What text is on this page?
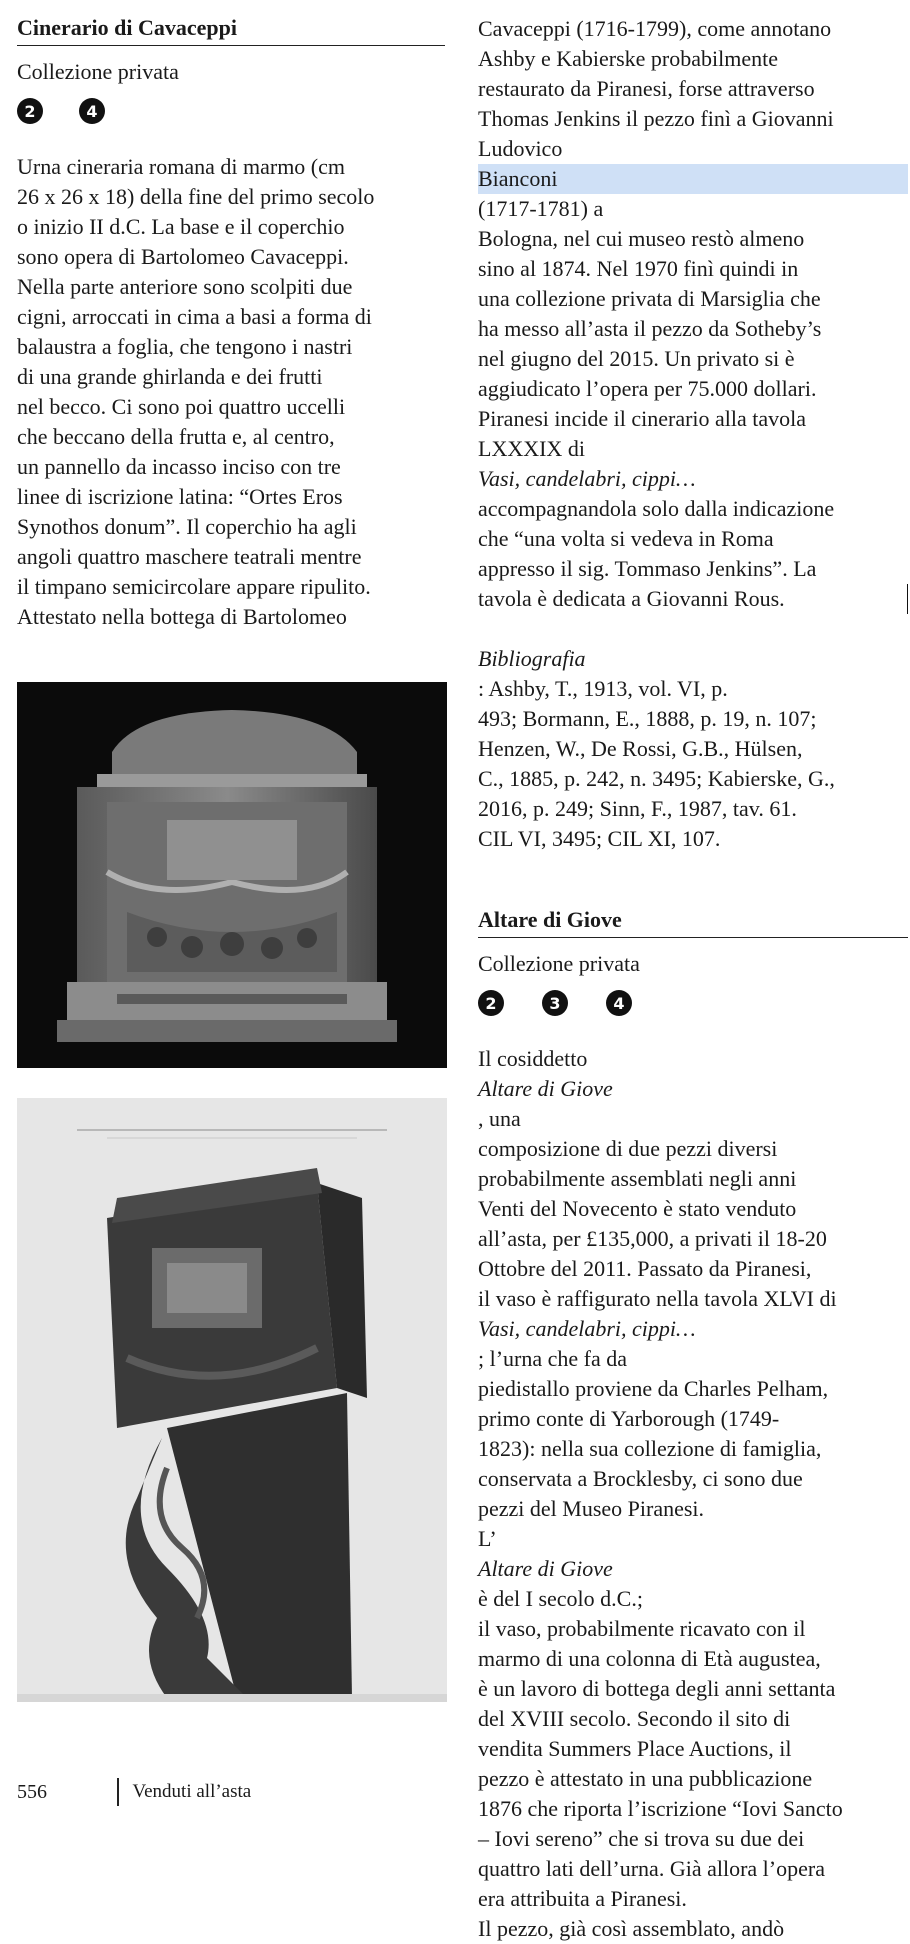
Cinerario di Cavaceppi
Collezione privata
2	4
Urna cineraria romana di marmo (cm
26 x 26 x 18) della fine del primo secolo
o inizio II d.C. La base e il coperchio
sono opera di Bartolomeo Cavaceppi.
Nella parte anteriore sono scolpiti due
cigni, arroccati in cima a basi a forma di
balaustra a foglia, che tengono i nastri
di una grande ghirlanda e dei frutti
nel becco. Ci sono poi quattro uccelli
che beccano della frutta e, al centro,
un pannello da incasso inciso con tre
linee di iscrizione latina: “Ortes Eros
Synothos donum”. Il coperchio ha agli
angoli quattro maschere teatrali mentre
il timpano semicircolare appare ripulito.
Attestato nella bottega di Bartolomeo
Cavaceppi (1716-1799), come annotano
Ashby e Kabierske probabilmente
restaurato da Piranesi, forse attraverso
Thomas Jenkins il pezzo finì a Giovanni
Ludovico
Bianconi
(1717-1781) a
Bologna, nel cui museo restò almeno
sino al 1874. Nel 1970 finì quindi in
una collezione privata di Marsiglia che
ha messo all’asta il pezzo da Sotheby’s
nel giugno del 2015. Un privato si è
aggiudicato l’opera per 75.000 dollari.
Piranesi incide il cinerario alla tavola
LXXXIX di
Vasi, candelabri, cippi…
accompagnandola solo dalla indicazione
che “una volta si vedeva in Roma
appresso il sig. Tommaso Jenkins”. La
tavola è dedicata a Giovanni Rous.
Bibliografia
: Ashby, T., 1913, vol. VI, p.
493; Bormann, E., 1888, p. 19, n. 107;
Henzen, W., De Rossi, G.B., Hülsen,
C., 1885, p. 242, n. 3495; Kabierske, G.,
2016, p. 249; Sinn, F., 1987, tav. 61.
CIL VI, 3495; CIL XI, 107.
Altare di Giove
Collezione privata
2	3	4
Il cosiddetto
Altare di Giove
, una
composizione di due pezzi diversi
probabilmente assemblati negli anni
Venti del Novecento è stato venduto
all’asta, per £135,000, a privati il 18-20
Ottobre del 2011. Passato da Piranesi,
il vaso è raffigurato nella tavola XLVI di
Vasi, candelabri, cippi…
; l’urna che fa da
piedistallo proviene da Charles Pelham,
primo conte di Yarborough (1749-
1823): nella sua collezione di famiglia,
conservata a Brocklesby, ci sono due
pezzi del Museo Piranesi.
L’
Altare di Giove
è del I secolo d.C.;
il vaso, probabilmente ricavato con il
marmo di una colonna di Età augustea,
è un lavoro di bottega degli anni settanta
del XVIII secolo. Secondo il sito di
vendita Summers Place Auctions, il
pezzo è attestato in una pubblicazione
1876 che riporta l’iscrizione “Iovi Sancto
– Iovi sereno” che si trova su due dei
quattro lati dell’urna. Già allora l’opera
era attribuita a Piranesi.
Il pezzo, già così assemblato, andò
556	Venduti all’asta
